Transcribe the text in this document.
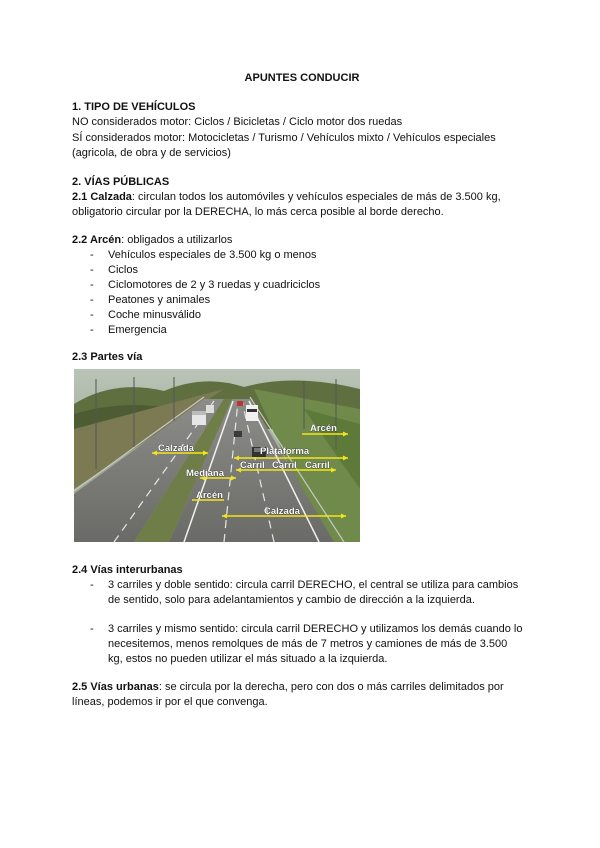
APUNTES CONDUCIR
1. TIPO DE VEHÍCULOS
NO considerados motor: Ciclos / Bicicletas / Ciclo motor dos ruedas
SÍ considerados motor: Motocicletas / Turismo / Vehículos mixto / Vehículos especiales
(agricola, de obra y de servicios)
2. VÍAS PÚBLICAS
2.1 Calzada: circulan todos los automóviles y vehículos especiales de más de 3.500 kg,
obligatorio circular por la DERECHA, lo más cerca posible al borde derecho.
2.2 Arcén: obligados a utilizarlos
- Vehículos especiales de 3.500 kg o menos
- Ciclos
- Ciclomotores de 2 y 3 ruedas y cuadriciclos
- Peatones y animales
- Coche minusválido
- Emergencia
2.3 Partes vía
Calzada	Plataforma
Arcén
Carril Carril Carril
Mediana
Arcén
Calzada
2.4 Vías interurbanas
- 3 carriles y doble sentido: circula carril DERECHO, el central se utiliza para cambios
de sentido, solo para adelantamientos y cambio de dirección a la izquierda.
- 3 carriles y mismo sentido: circula carril DERECHO y utilizamos los demás cuando lo
necesitemos, menos remolques de más de 7 metros y camiones de más de 3.500
kg, estos no pueden utilizar el más situado a la izquierda.
2.5 Vías urbanas: se circula por la derecha, pero con dos o más carriles delimitados por
líneas, podemos ir por el que convenga.
